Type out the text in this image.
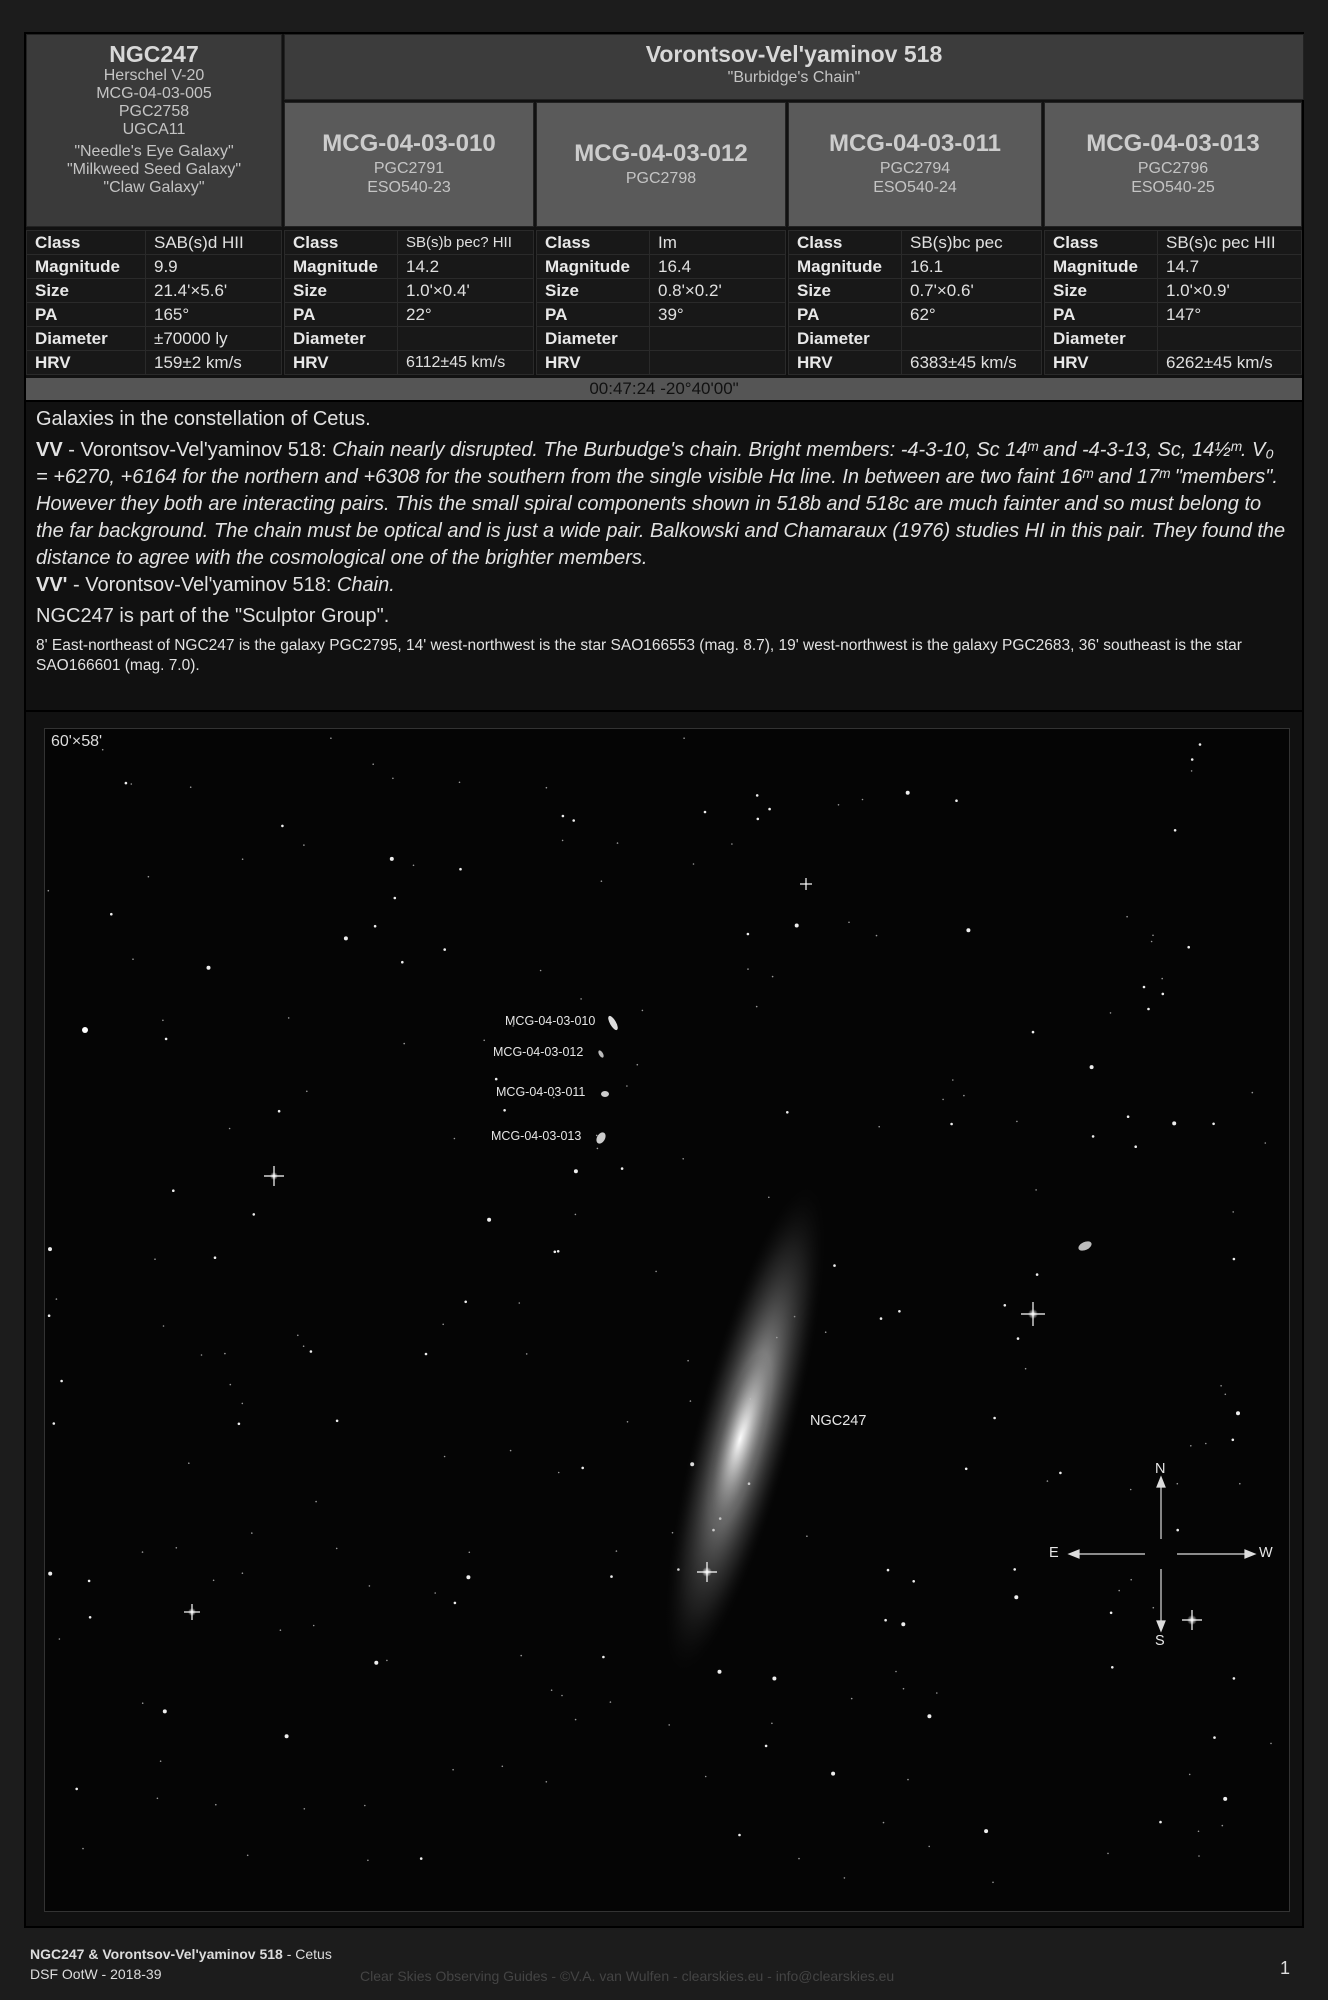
NGC247
Herschel V-20
MCG-04-03-005
PGC2758
UGCA11
"Needle's Eye Galaxy"
"Milkweed Seed Galaxy"
"Claw Galaxy"
Vorontsov-Vel'yaminov 518
"Burbidge's Chain"
MCG-04-03-010
PGC2791
ESO540-23
MCG-04-03-012
PGC2798
MCG-04-03-011
PGC2794
ESO540-24
MCG-04-03-013
PGC2796
ESO540-25
Class	SAB(s)d HII
Magnitude	9.9
Size	21.4'×5.6'
PA	165°
Diameter	±70000 ly
HRV	159±2 km/s
Class	SB(s)b pec? HII
Magnitude	14.2
Size	1.0'×0.4'
PA	22°
Diameter	
HRV	6112±45 km/s
Class	Im
Magnitude	16.4
Size	0.8'×0.2'
PA	39°
Diameter	
HRV	
Class	SB(s)bc pec
Magnitude	16.1
Size	0.7'×0.6'
PA	62°
Diameter	
HRV	6383±45 km/s
Class	SB(s)c pec HII
Magnitude	14.7
Size	1.0'×0.9'
PA	147°
Diameter	
HRV	6262±45 km/s
00:47:24 -20°40'00"
Galaxies in the constellation of Cetus.
VV - Vorontsov-Vel'yaminov 518: Chain nearly disrupted. The Burbudge's chain. Bright members: -4-3-10, Sc 14ᵐ and -4-3-13, Sc, 14½ᵐ. V₀ = +6270, +6164 for the northern and +6308 for the southern from the single visible Hα line. In between are two faint 16ᵐ and 17ᵐ "members". However they both are interacting pairs. This the small spiral components shown in 518b and 518c are much fainter and so must belong to the far background. The chain must be optical and is just a wide pair. Balkowski and Chamaraux (1976) studies HI in this pair. They found the distance to agree with the cosmological one of the brighter members.
VV' - Vorontsov-Vel'yaminov 518: Chain.
NGC247 is part of the "Sculptor Group".
8' East-northeast of NGC247 is the galaxy PGC2795, 14' west-northwest is the star SAO166553 (mag. 8.7), 19' west-northwest is the galaxy PGC2683, 36' southeast is the star SAO166601 (mag. 7.0).
60'×58'
MCG-04-03-010
MCG-04-03-012
MCG-04-03-011
MCG-04-03-013
NGC247
N
S
E	W
NGC247 & Vorontsov-Vel'yaminov 518 - Cetus
DSF OotW - 2018-39	Clear Skies Observing Guides - ©V.A. van Wulfen - clearskies.eu - info@clearskies.eu	1
